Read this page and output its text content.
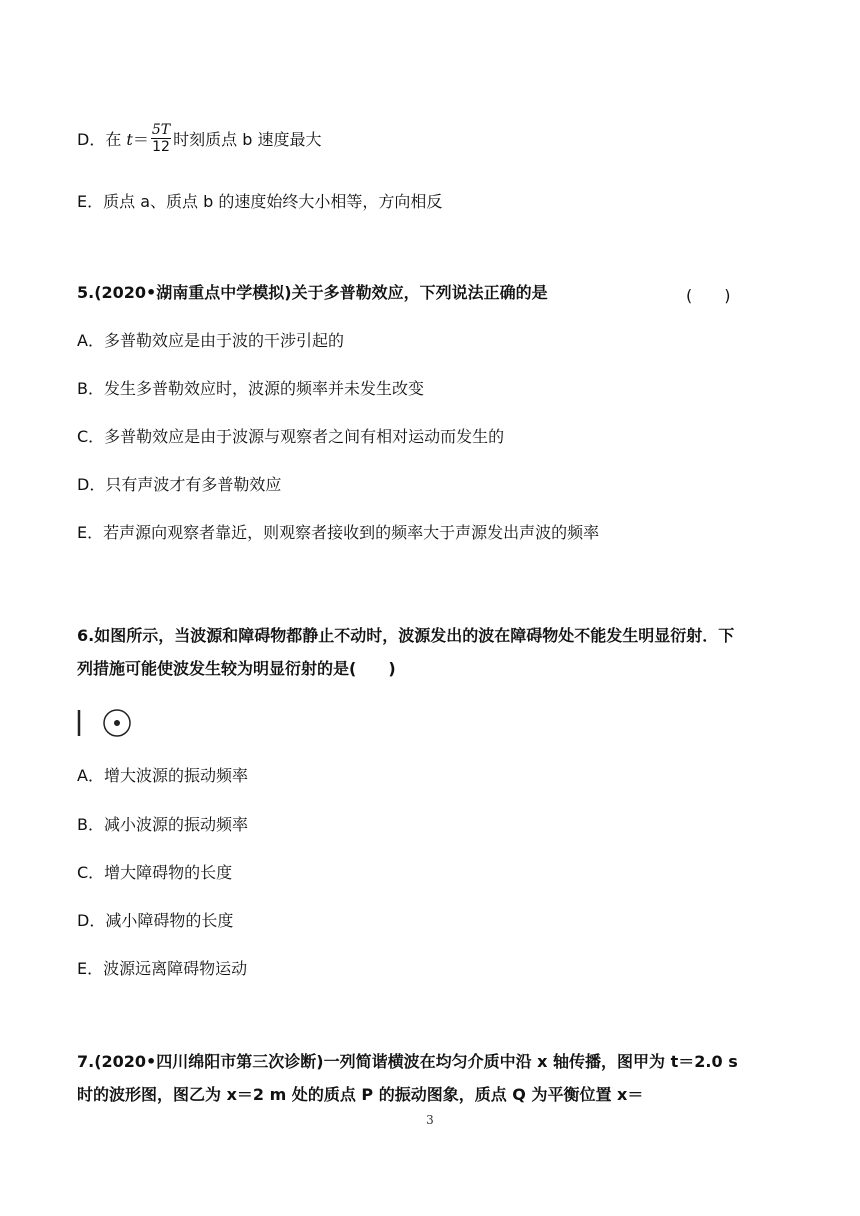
D．在 $t= \frac{5T}{12}$ 时刻质点 b 速度最大
E．质点 a、质点 b 的速度始终大小相等，方向相反
5.(2020•湖南重点中学模拟)关于多普勒效应，下列说法正确的是	(　　)
A．多普勒效应是由于波的干涉引起的
B．发生多普勒效应时，波源的频率并未发生改变
C．多普勒效应是由于波源与观察者之间有相对运动而发生的
D．只有声波才有多普勒效应
E．若声源向观察者靠近，则观察者接收到的频率大于声源发出声波的频率
6.如图所示，当波源和障碍物都静止不动时，波源发出的波在障碍物处不能发生明显衍射．下
列措施可能使波发生较为明显衍射的是(　　)
A．增大波源的振动频率
B．减小波源的振动频率
C．增大障碍物的长度
D．减小障碍物的长度
E．波源远离障碍物运动
7.(2020•四川绵阳市第三次诊断)一列简谐横波在均匀介质中沿 x 轴传播，图甲为 t＝2.0 s
时的波形图，图乙为 x＝2 m 处的质点 P 的振动图象，质点 Q 为平衡位置 x＝
3
